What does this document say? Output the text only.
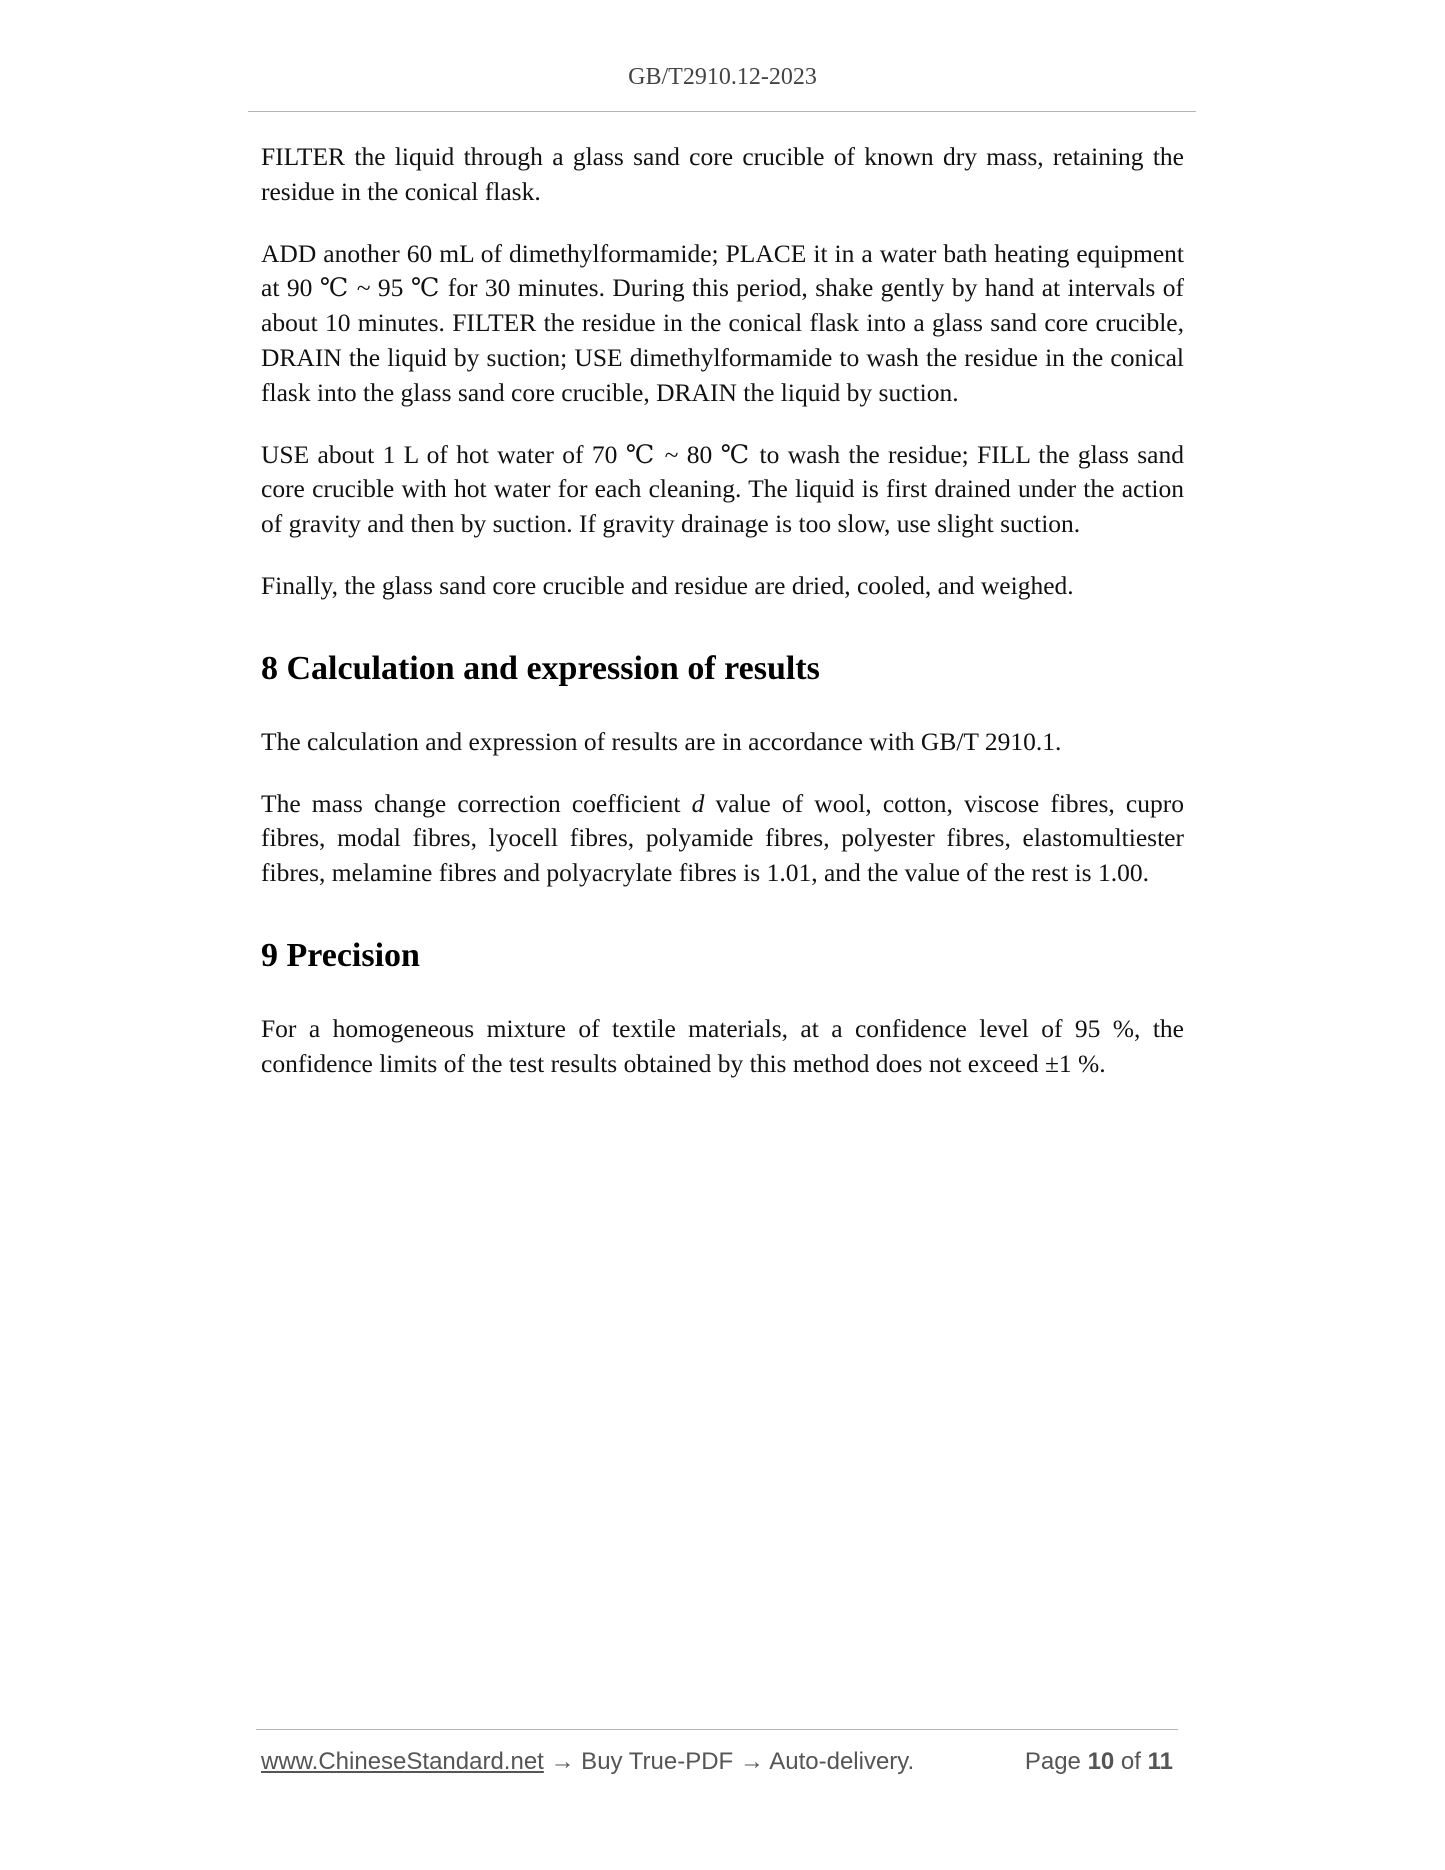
GB/T2910.12-2023

FILTER the liquid through a glass sand core crucible of known dry mass, retaining the residue in the conical flask.

ADD another 60 mL of dimethylformamide; PLACE it in a water bath heating equipment at 90 ℃ ~ 95 ℃ for 30 minutes. During this period, shake gently by hand at intervals of about 10 minutes. FILTER the residue in the conical flask into a glass sand core crucible, DRAIN the liquid by suction; USE dimethylformamide to wash the residue in the conical flask into the glass sand core crucible, DRAIN the liquid by suction.

USE about 1 L of hot water of 70 ℃ ~ 80 ℃ to wash the residue; FILL the glass sand core crucible with hot water for each cleaning. The liquid is first drained under the action of gravity and then by suction. If gravity drainage is too slow, use slight suction.

Finally, the glass sand core crucible and residue are dried, cooled, and weighed.

8 Calculation and expression of results

The calculation and expression of results are in accordance with GB/T 2910.1.

The mass change correction coefficient d value of wool, cotton, viscose fibres, cupro fibres, modal fibres, lyocell fibres, polyamide fibres, polyester fibres, elastomultiester fibres, melamine fibres and polyacrylate fibres is 1.01, and the value of the rest is 1.00.

9 Precision

For a homogeneous mixture of textile materials, at a confidence level of 95 %, the confidence limits of the test results obtained by this method does not exceed ±1 %.

www.ChineseStandard.net → Buy True-PDF → Auto-delivery.	Page 10 of 11
